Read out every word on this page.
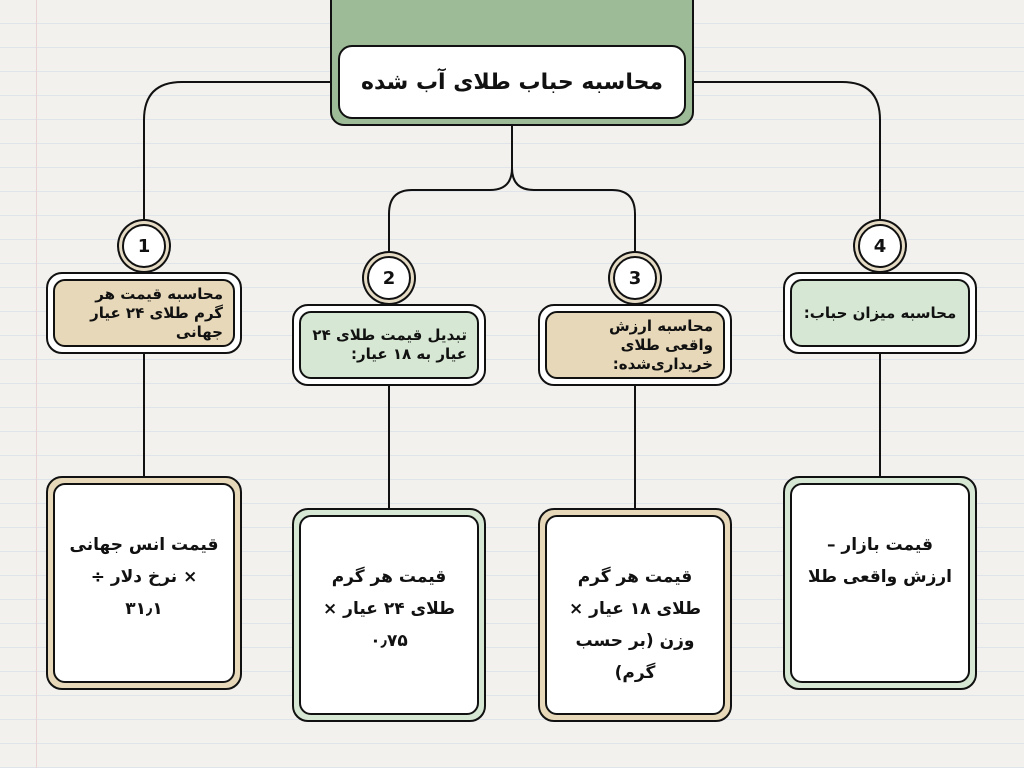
محاسبه حباب طلای آب شده
1
2	3
4
محاسبه قیمت هر گرم طلای ۲۴ عیار جهانی	تبدیل قیمت طلای ۲۴ عیار به ۱۸ عیار:
محاسبه ارزش واقعی طلای خریداری‌شده:
محاسبه میزان حباب:
قیمت انس جهانی × نرخ دلار ÷ ۳۱٫۱
قیمت هر گرم طلای ۲۴ عیار × ۰٫۷۵
قیمت هر گرم طلای ۱۸ عیار × وزن (بر حسب گرم)
قیمت بازار – ارزش واقعی طلا
